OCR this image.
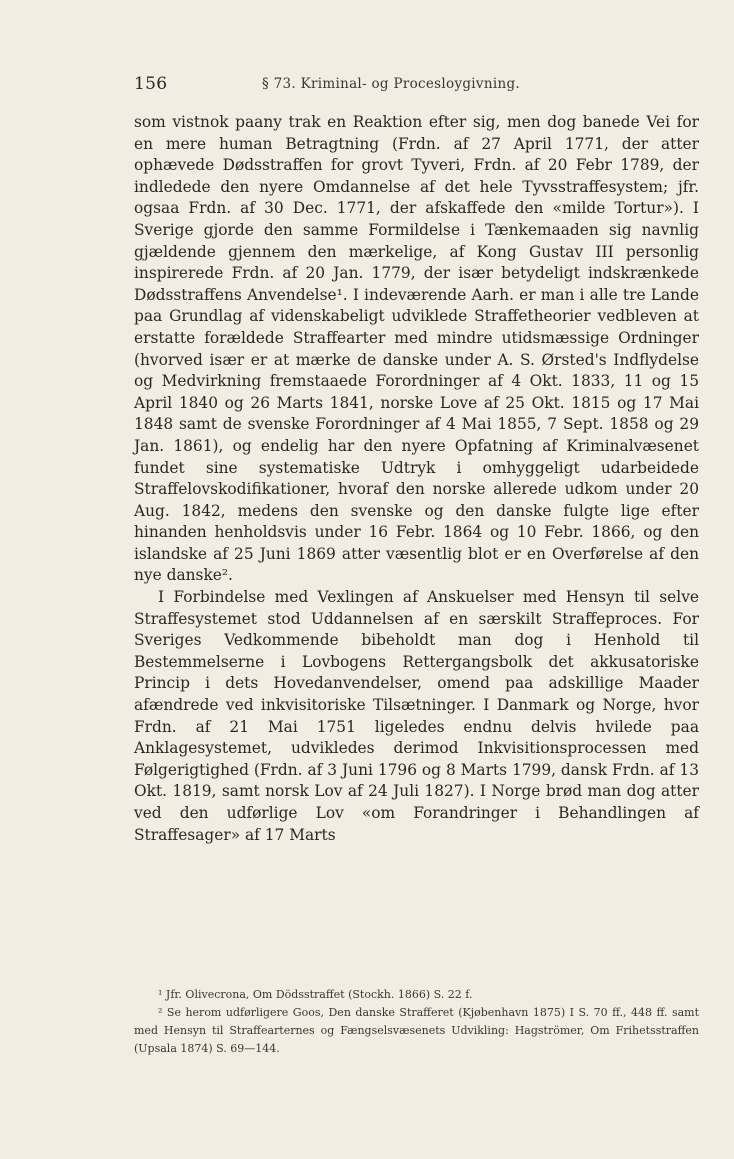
156	§ 73. Kriminal- og Procesloygivning.

som vistnok paany trak en Reaktion efter sig, men dog banede Vei for en mere human Betragtning (Frdn. af 27 April 1771, der atter ophævede Dødsstraffen for grovt Tyveri, Frdn. af 20 Febr 1789, der indledede den nyere Omdannelse af det hele Tyvsstraffesystem; jfr. ogsaa Frdn. af 30 Dec. 1771, der afskaffede den «milde Tortur»). I Sverige gjorde den samme Formildelse i Tænkemaaden sig navnlig gjældende gjennem den mærkelige, af Kong Gustav III personlig inspirerede Frdn. af 20 Jan. 1779, der især betydeligt indskrænkede Dødsstraffens Anvendelse¹. I indeværende Aarh. er man i alle tre Lande paa Grundlag af videnskabeligt udviklede Straffetheorier vedbleven at erstatte forældede Straffearter med mindre utidsmæssige Ordninger (hvorved især er at mærke de danske under A. S. Ørsted's Indflydelse og Medvirkning fremstaaede Forordninger af 4 Okt. 1833, 11 og 15 April 1840 og 26 Marts 1841, norske Love af 25 Okt. 1815 og 17 Mai 1848 samt de svenske Forordninger af 4 Mai 1855, 7 Sept. 1858 og 29 Jan. 1861), og endelig har den nyere Opfatning af Kriminalvæsenet fundet sine systematiske Udtryk i omhyggeligt udarbeidede Straffelovskodifikationer, hvoraf den norske allerede udkom under 20 Aug. 1842, medens den svenske og den danske fulgte lige efter hinanden henholdsvis under 16 Febr. 1864 og 10 Febr. 1866, og den islandske af 25 Juni 1869 atter væsentlig blot er en Overførelse af den nye danske².

I Forbindelse med Vexlingen af Anskuelser med Hensyn til selve Straffesystemet stod Uddannelsen af en særskilt Straffeproces. For Sveriges Vedkommende bibeholdt man dog i Henhold til Bestemmelserne i Lovbogens Rettergangsbolk det akkusatoriske Princip i dets Hovedanvendelser, omend paa adskillige Maader afændrede ved inkvisitoriske Tilsætninger. I Danmark og Norge, hvor Frdn. af 21 Mai 1751 ligeledes endnu delvis hvilede paa Anklagesystemet, udvikledes derimod Inkvisitionsprocessen med Følgerigtighed (Frdn. af 3 Juni 1796 og 8 Marts 1799, dansk Frdn. af 13 Okt. 1819, samt norsk Lov af 24 Juli 1827). I Norge brød man dog atter ved den udførlige Lov «om Forandringer i Behandlingen af Straffesager» af 17 Marts

¹ Jfr. Olivecrona, Om Dödsstraffet (Stockh. 1866) S. 22 f.

² Se herom udførligere Goos, Den danske Strafferet (Kjøbenhavn 1875) I S. 70 ff., 448 ff. samt med Hensyn til Straffearternes og Fængselsvæsenets Udvikling: Hagströmer, Om Frihetsstraffen (Upsala 1874) S. 69—144.
